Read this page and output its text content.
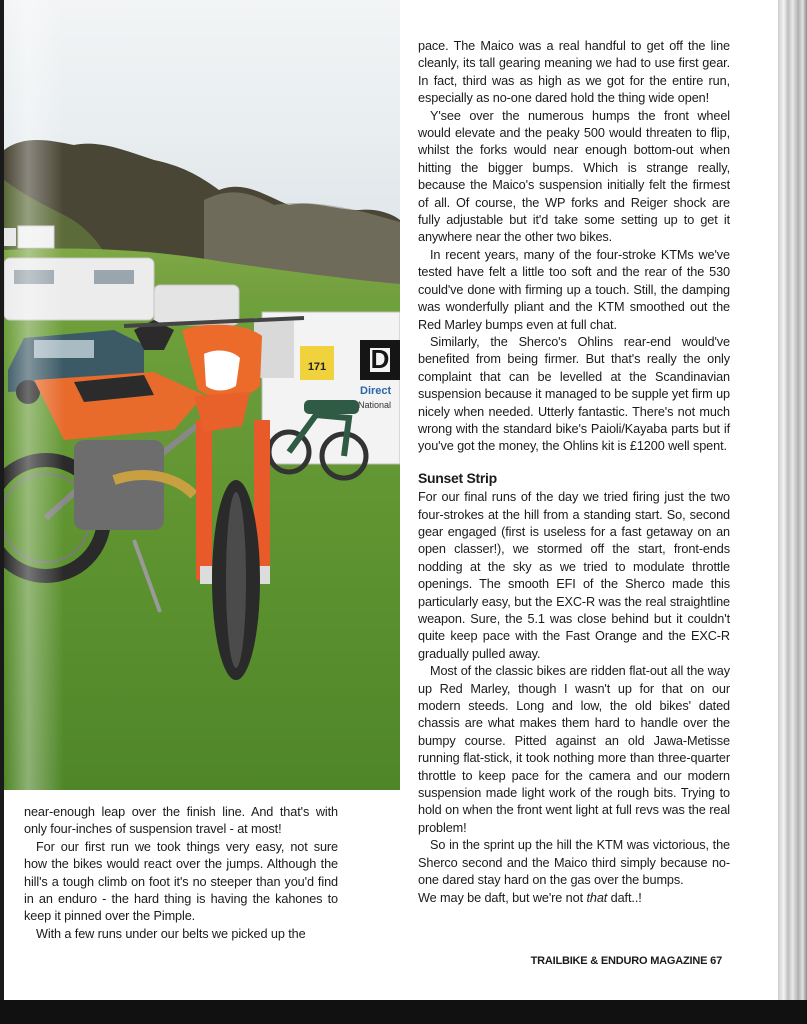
D
Direct
National
171

near-enough leap over the finish line. And that's with only four-inches of suspension travel - at most!

For our first run we took things very easy, not sure how the bikes would react over the jumps. Although the hill's a tough climb on foot it's no steeper than you'd find in an enduro - the hard thing is having the kahones to keep it pinned over the Pimple.

With a few runs under our belts we picked up the

pace. The Maico was a real handful to get off the line cleanly, its tall gearing meaning we had to use first gear. In fact, third was as high as we got for the entire run, especially as no-one dared hold the thing wide open!

Y'see over the numerous humps the front wheel would elevate and the peaky 500 would threaten to flip, whilst the forks would near enough bottom-out when hitting the bigger bumps. Which is strange really, because the Maico's suspension initially felt the firmest of all. Of course, the WP forks and Reiger shock are fully adjustable but it'd take some setting up to get it anywhere near the other two bikes.

In recent years, many of the four-stroke KTMs we've tested have felt a little too soft and the rear of the 530 could've done with firming up a touch. Still, the damping was wonderfully pliant and the KTM smoothed out the Red Marley bumps even at full chat.

Similarly, the Sherco's Ohlins rear-end would've benefited from being firmer. But that's really the only complaint that can be levelled at the Scandinavian suspension because it managed to be supple yet firm up nicely when needed. Utterly fantastic. There's not much wrong with the standard bike's Paioli/Kayaba parts but if you've got the money, the Ohlins kit is £1200 well spent.

Sunset Strip

For our final runs of the day we tried firing just the two four-strokes at the hill from a standing start. So, second gear engaged (first is useless for a fast getaway on an open classer!), we stormed off the start, front-ends nodding at the sky as we tried to modulate throttle openings. The smooth EFI of the Sherco made this particularly easy, but the EXC-R was the real straightline weapon. Sure, the 5.1 was close behind but it couldn't quite keep pace with the Fast Orange and the EXC-R gradually pulled away.

Most of the classic bikes are ridden flat-out all the way up Red Marley, though I wasn't up for that on our modern steeds. Long and low, the old bikes' dated chassis are what makes them hard to handle over the bumpy course. Pitted against an old Jawa-Metisse running flat-stick, it took nothing more than three-quarter throttle to keep pace for the camera and our modern suspension made light work of the rough bits. Trying to hold on when the front went light at full revs was the real problem!

So in the sprint up the hill the KTM was victorious, the Sherco second and the Maico third simply because no-one dared stay hard on the gas over the bumps.

We may be daft, but we're not that daft..!

TRAILBIKE & ENDURO MAGAZINE 67
